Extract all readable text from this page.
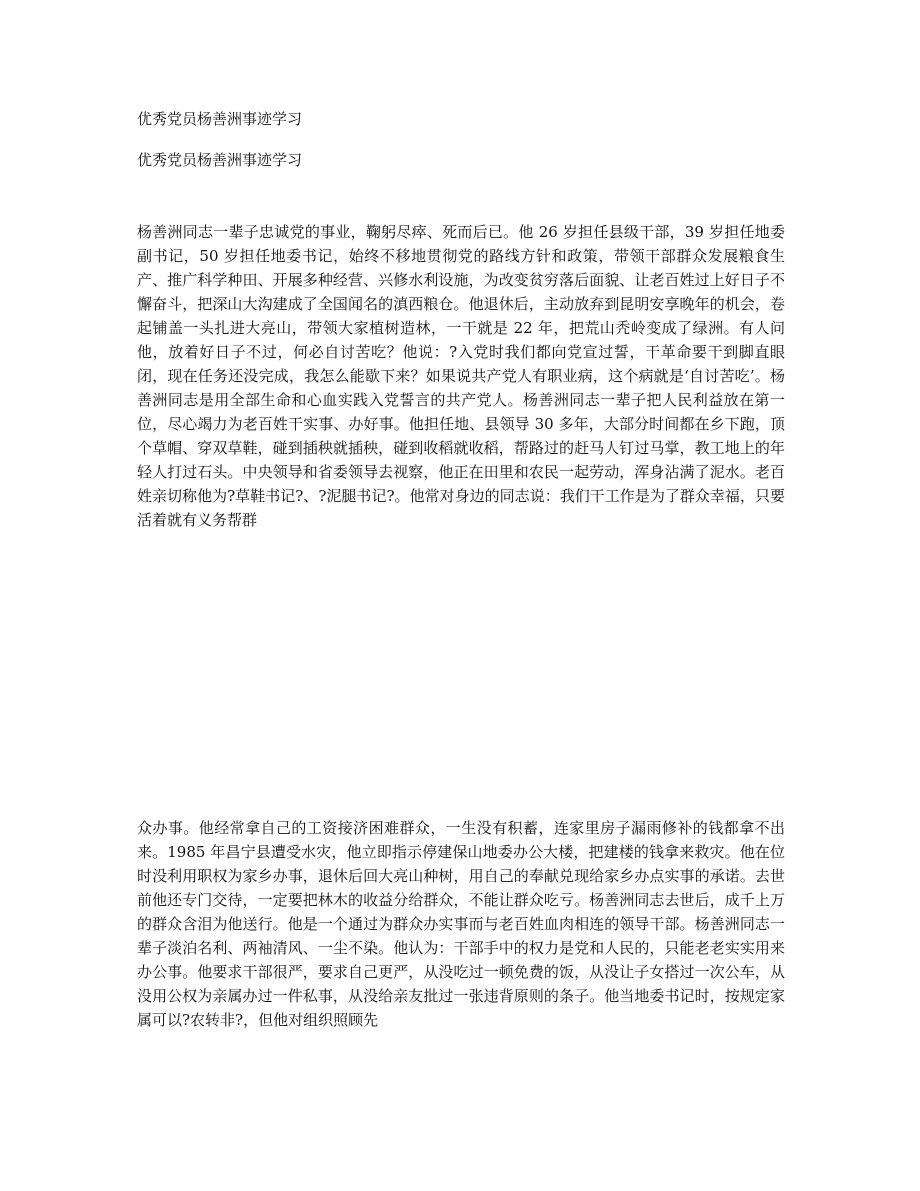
优秀党员杨善洲事迹学习
优秀党员杨善洲事迹学习

杨善洲同志一辈子忠诚党的事业，鞠躬尽瘁、死而后已。他 26 岁担任县级干部，39 岁担任地委副书记，50 岁担任地委书记，始终不移地贯彻党的路线方针和政策，带领干部群众发展粮食生产、推广科学种田、开展多种经营、兴修水利设施，为改变贫穷落后面貌、让老百姓过上好日子不懈奋斗，把深山大沟建成了全国闻名的滇西粮仓。他退休后，主动放弃到昆明安享晚年的机会，卷起铺盖一头扎进大亮山，带领大家植树造林，一干就是 22 年，把荒山秃岭变成了绿洲。有人问他，放着好日子不过，何必自讨苦吃？他说：?入党时我们都向党宣过誓，干革命要干到脚直眼闭，现在任务还没完成，我怎么能歇下来？如果说共产党人有职业病，这个病就是‘自讨苦吃’。杨善洲同志是用全部生命和心血实践入党誓言的共产党人。杨善洲同志一辈子把人民利益放在第一位，尽心竭力为老百姓干实事、办好事。他担任地、县领导 30 多年，大部分时间都在乡下跑，顶个草帽、穿双草鞋，碰到插秧就插秧，碰到收稻就收稻，帮路过的赶马人钉过马掌，教工地上的年轻人打过石头。中央领导和省委领导去视察，他正在田里和农民一起劳动，浑身沾满了泥水。老百姓亲切称他为?草鞋书记?、?泥腿书记?。他常对身边的同志说：我们干工作是为了群众幸福，只要活着就有义务帮群

众办事。他经常拿自己的工资接济困难群众，一生没有积蓄，连家里房子漏雨修补的钱都拿不出来。1985 年昌宁县遭受水灾，他立即指示停建保山地委办公大楼，把建楼的钱拿来救灾。他在位时没利用职权为家乡办事，退休后回大亮山种树，用自己的奉献兑现给家乡办点实事的承诺。去世前他还专门交待，一定要把林木的收益分给群众，不能让群众吃亏。杨善洲同志去世后，成千上万的群众含泪为他送行。他是一个通过为群众办实事而与老百姓血肉相连的领导干部。杨善洲同志一辈子淡泊名利、两袖清风、一尘不染。他认为：干部手中的权力是党和人民的，只能老老实实用来办公事。他要求干部很严，要求自己更严，从没吃过一顿免费的饭，从没让子女搭过一次公车，从没用公权为亲属办过一件私事，从没给亲友批过一张违背原则的条子。他当地委书记时，按规定家属可以?农转非?，但他对组织照顾先
